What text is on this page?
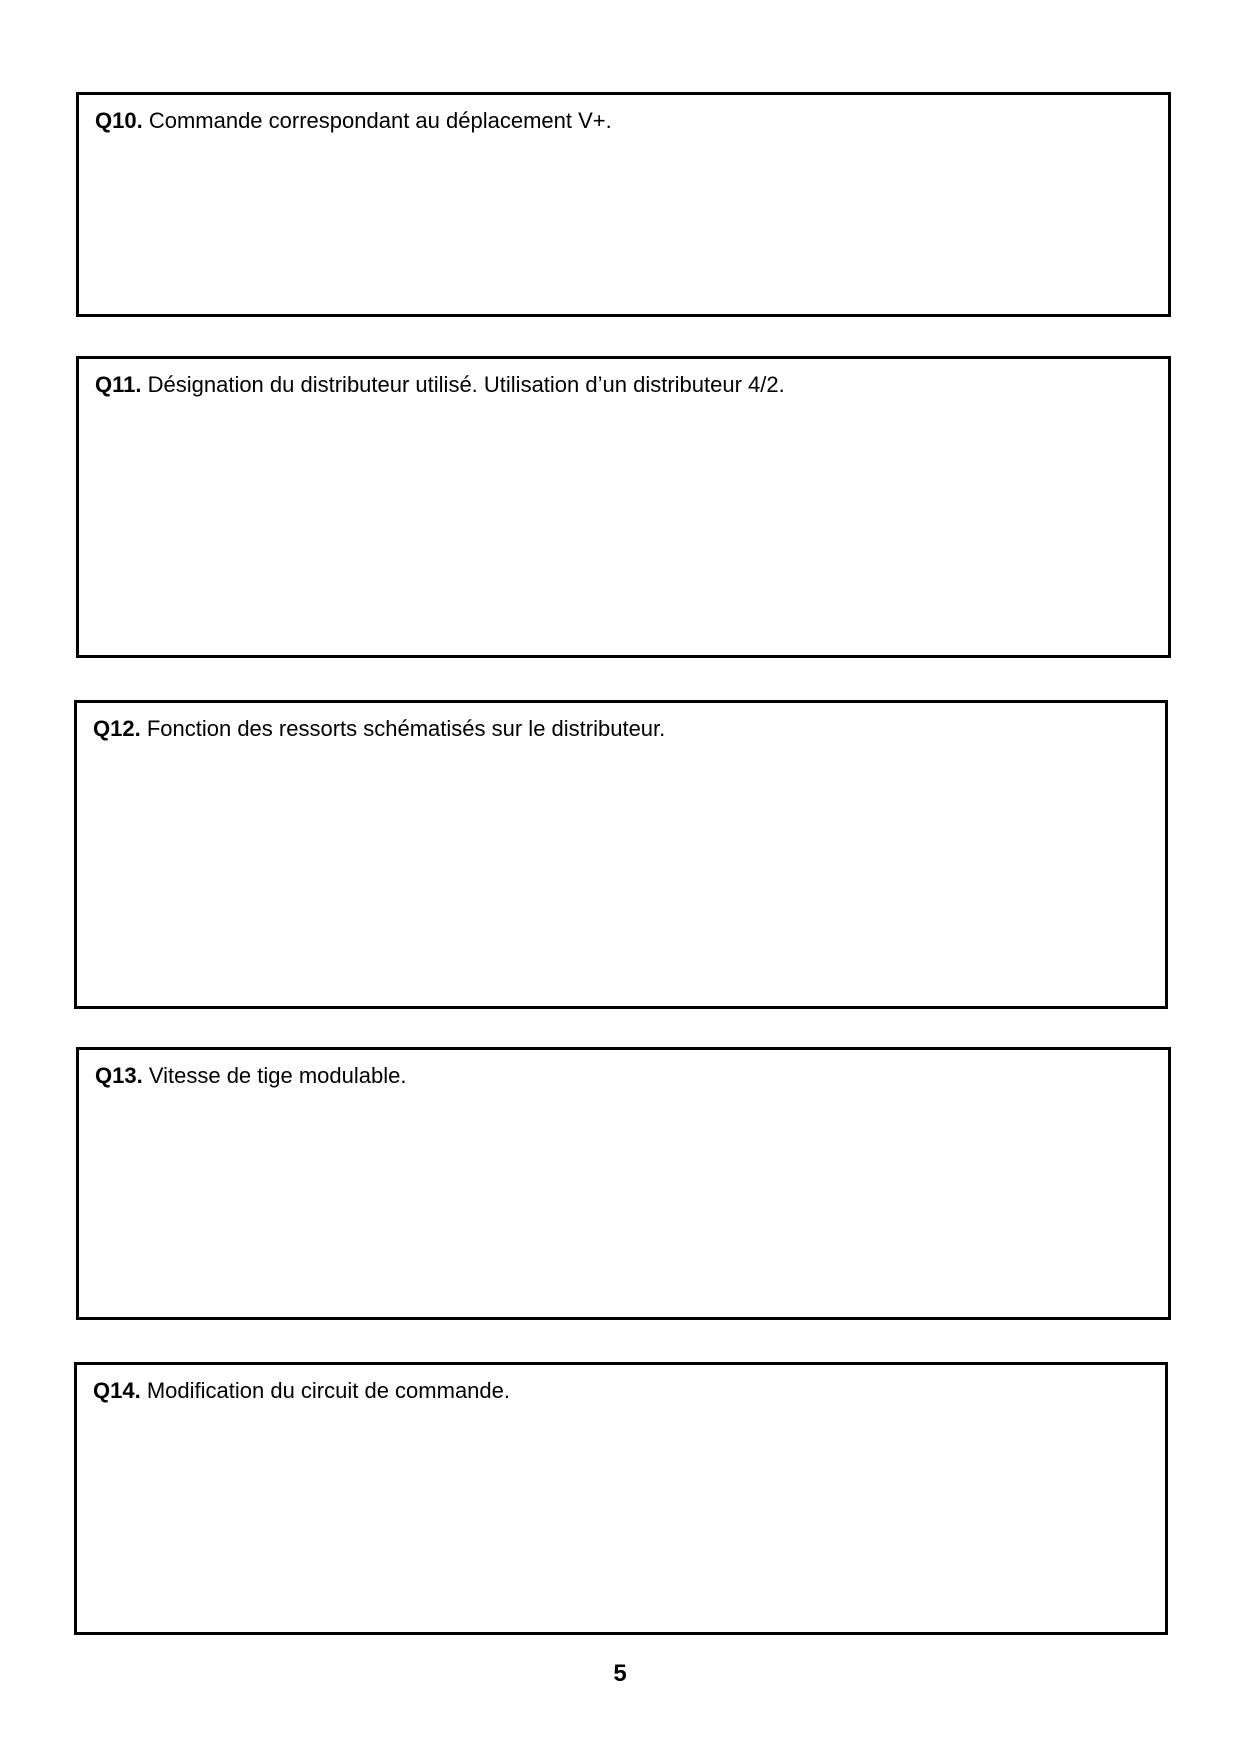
Q10. Commande correspondant au déplacement V+.
Q11. Désignation du distributeur utilisé. Utilisation d’un distributeur 4/2.
Q12. Fonction des ressorts schématisés sur le distributeur.
Q13. Vitesse de tige modulable.
Q14. Modification du circuit de commande.
5
